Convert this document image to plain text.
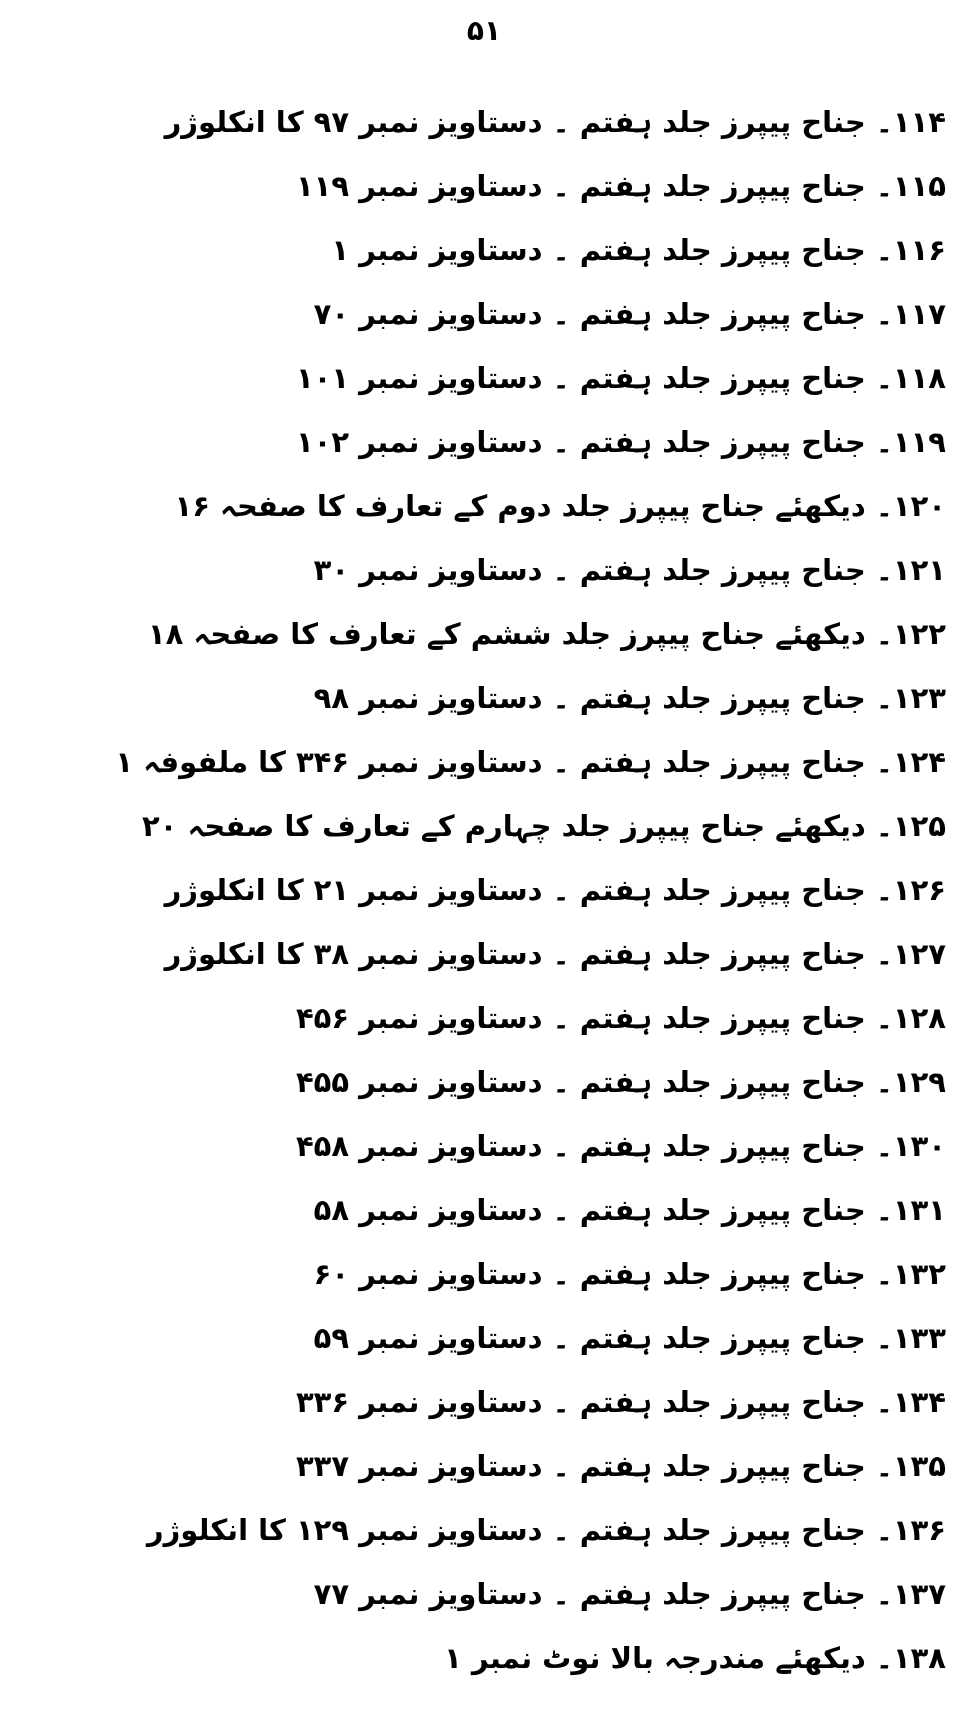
۵۱
۱۱۴۔ جناح پیپرز جلد ہفتم ۔ دستاویز نمبر ۹۷ کا انکلوژر
۱۱۵۔ جناح پیپرز جلد ہفتم ۔ دستاویز نمبر ۱۱۹
۱۱۶۔ جناح پیپرز جلد ہفتم ۔ دستاویز نمبر ۱
۱۱۷۔ جناح پیپرز جلد ہفتم ۔ دستاویز نمبر ۷۰
۱۱۸۔ جناح پیپرز جلد ہفتم ۔ دستاویز نمبر ۱۰۱
۱۱۹۔ جناح پیپرز جلد ہفتم ۔ دستاویز نمبر ۱۰۲
۱۲۰۔ دیکھئے جناح پیپرز جلد دوم کے تعارف کا صفحہ ۱۶
۱۲۱۔ جناح پیپرز جلد ہفتم ۔ دستاویز نمبر ۳۰
۱۲۲۔ دیکھئے جناح پیپرز جلد ششم کے تعارف کا صفحہ ۱۸
۱۲۳۔ جناح پیپرز جلد ہفتم ۔ دستاویز نمبر ۹۸
۱۲۴۔ جناح پیپرز جلد ہفتم ۔ دستاویز نمبر ۳۴۶ کا ملفوفہ ۱
۱۲۵۔ دیکھئے جناح پیپرز جلد چہارم کے تعارف کا صفحہ ۲۰
۱۲۶۔ جناح پیپرز جلد ہفتم ۔ دستاویز نمبر ۲۱ کا انکلوژر
۱۲۷۔ جناح پیپرز جلد ہفتم ۔ دستاویز نمبر ۳۸ کا انکلوژر
۱۲۸۔ جناح پیپرز جلد ہفتم ۔ دستاویز نمبر ۴۵۶
۱۲۹۔ جناح پیپرز جلد ہفتم ۔ دستاویز نمبر ۴۵۵
۱۳۰۔ جناح پیپرز جلد ہفتم ۔ دستاویز نمبر ۴۵۸
۱۳۱۔ جناح پیپرز جلد ہفتم ۔ دستاویز نمبر ۵۸
۱۳۲۔ جناح پیپرز جلد ہفتم ۔ دستاویز نمبر ۶۰
۱۳۳۔ جناح پیپرز جلد ہفتم ۔ دستاویز نمبر ۵۹
۱۳۴۔ جناح پیپرز جلد ہفتم ۔ دستاویز نمبر ۳۳۶
۱۳۵۔ جناح پیپرز جلد ہفتم ۔ دستاویز نمبر ۳۳۷
۱۳۶۔ جناح پیپرز جلد ہفتم ۔ دستاویز نمبر ۱۲۹ کا انکلوژر
۱۳۷۔ جناح پیپرز جلد ہفتم ۔ دستاویز نمبر ۷۷
۱۳۸۔ دیکھئے مندرجہ بالا نوٹ نمبر ۱
